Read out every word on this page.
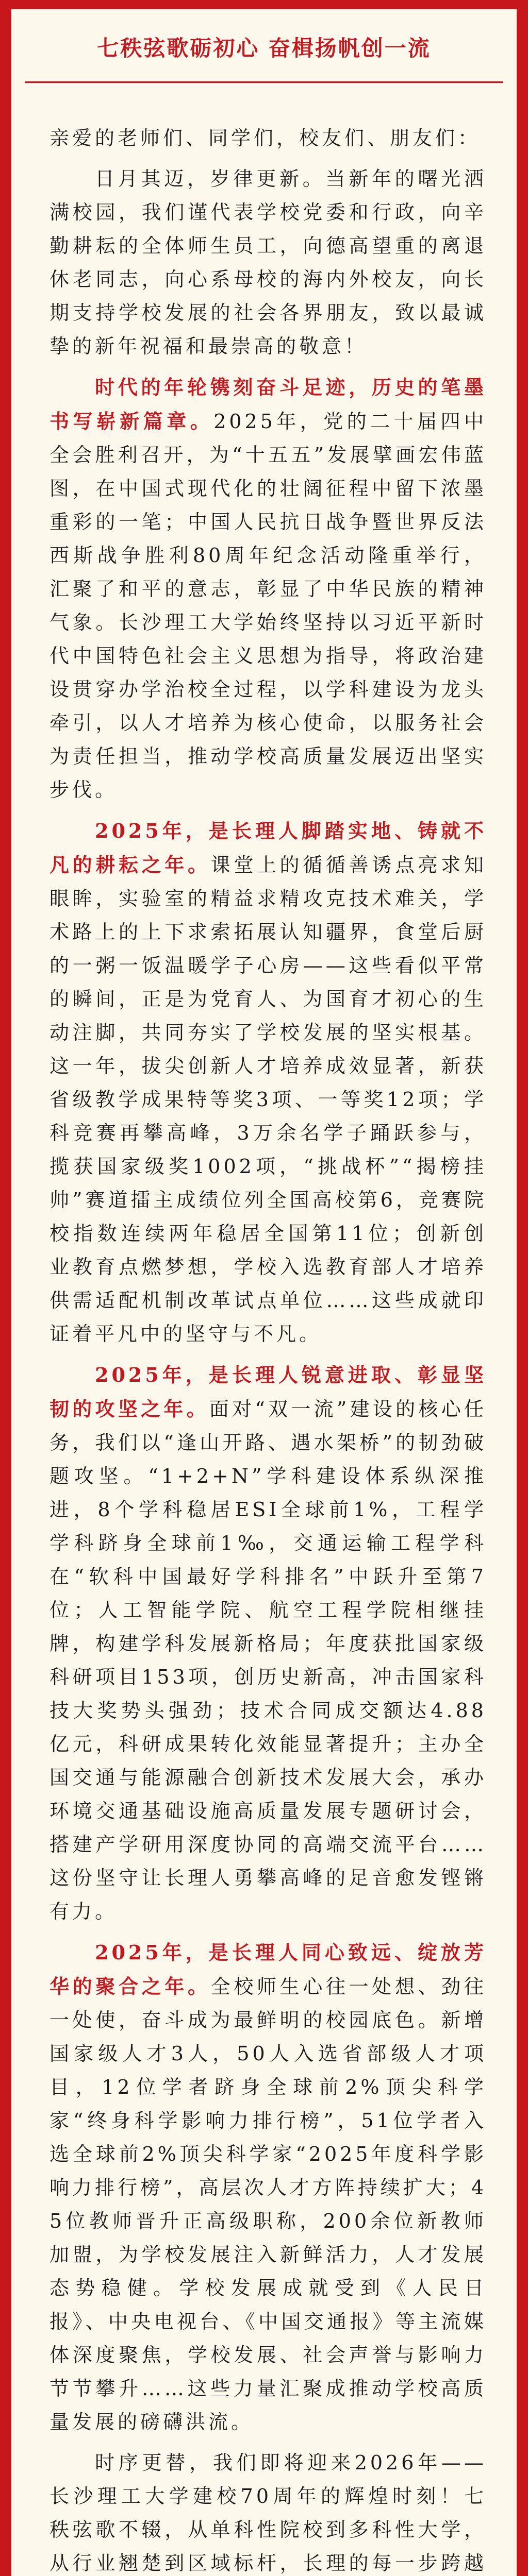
七秩弦歌砺初心 奋楫扬帆创一流

亲爱的老师们、同学们，校友们、朋友们：

日月其迈，岁律更新。当新年的曙光洒满校园，我们谨代表学校党委和行政，向辛勤耕耘的全体师生员工，向德高望重的离退休老同志，向心系母校的海内外校友，向长期支持学校发展的社会各界朋友，致以最诚挚的新年祝福和最崇高的敬意！

时代的年轮镌刻奋斗足迹，历史的笔墨书写崭新篇章。2025年，党的二十届四中全会胜利召开，为“十五五”发展擘画宏伟蓝图，在中国式现代化的壮阔征程中留下浓墨重彩的一笔；中国人民抗日战争暨世界反法西斯战争胜利80周年纪念活动隆重举行，汇聚了和平的意志，彰显了中华民族的精神气象。长沙理工大学始终坚持以习近平新时代中国特色社会主义思想为指导，将政治建设贯穿办学治校全过程，以学科建设为龙头牵引，以人才培养为核心使命，以服务社会为责任担当，推动学校高质量发展迈出坚实步伐。

2025年，是长理人脚踏实地、铸就不凡的耕耘之年。课堂上的循循善诱点亮求知眼眸，实验室的精益求精攻克技术难关，学术路上的上下求索拓展认知疆界，食堂后厨的一粥一饭温暖学子心房——这些看似平常的瞬间，正是为党育人、为国育才初心的生动注脚，共同夯实了学校发展的坚实根基。这一年，拔尖创新人才培养成效显著，新获省级教学成果特等奖3项、一等奖12项；学科竞赛再攀高峰，3万余名学子踊跃参与，揽获国家级奖1002项，“挑战杯”“揭榜挂帅”赛道擂主成绩位列全国高校第6，竞赛院校指数连续两年稳居全国第11位；创新创业教育点燃梦想，学校入选教育部人才培养供需适配机制改革试点单位……这些成就印证着平凡中的坚守与不凡。

2025年，是长理人锐意进取、彰显坚韧的攻坚之年。面对“双一流”建设的核心任务，我们以“逢山开路、遇水架桥”的韧劲破题攻坚。“1+2+N”学科建设体系纵深推进，8个学科稳居ESI全球前1%，工程学学科跻身全球前1‰，交通运输工程学科在“软科中国最好学科排名”中跃升至第7位；人工智能学院、航空工程学院相继挂牌，构建学科发展新格局；年度获批国家级科研项目153项，创历史新高，冲击国家科技大奖势头强劲；技术合同成交额达4.88亿元，科研成果转化效能显著提升；主办全国交通与能源融合创新技术发展大会，承办环境交通基础设施高质量发展专题研讨会，搭建产学研用深度协同的高端交流平台……这份坚守让长理人勇攀高峰的足音愈发铿锵有力。

2025年，是长理人同心致远、绽放芳华的聚合之年。全校师生心往一处想、劲往一处使，奋斗成为最鲜明的校园底色。新增国家级人才3人，50人入选省部级人才项目，12位学者跻身全球前2%顶尖科学家“终身科学影响力排行榜”，51位学者入选全球前2%顶尖科学家“2025年度科学影响力排行榜”，高层次人才方阵持续扩大；45位教师晋升正高级职称，200余位新教师加盟，为学校发展注入新鲜活力，人才发展态势稳健。学校发展成就受到《人民日报》、中央电视台、《中国交通报》等主流媒体深度聚焦，学校发展、社会声誉与影响力节节攀升……这些力量汇聚成推动学校高质量发展的磅礴洪流。

时序更替，我们即将迎来2026年——长沙理工大学建校70周年的辉煌时刻！七秩弦歌不辍，从单科性院校到多科性大学，从行业翘楚到区域标杆，长理的每一步跨越
